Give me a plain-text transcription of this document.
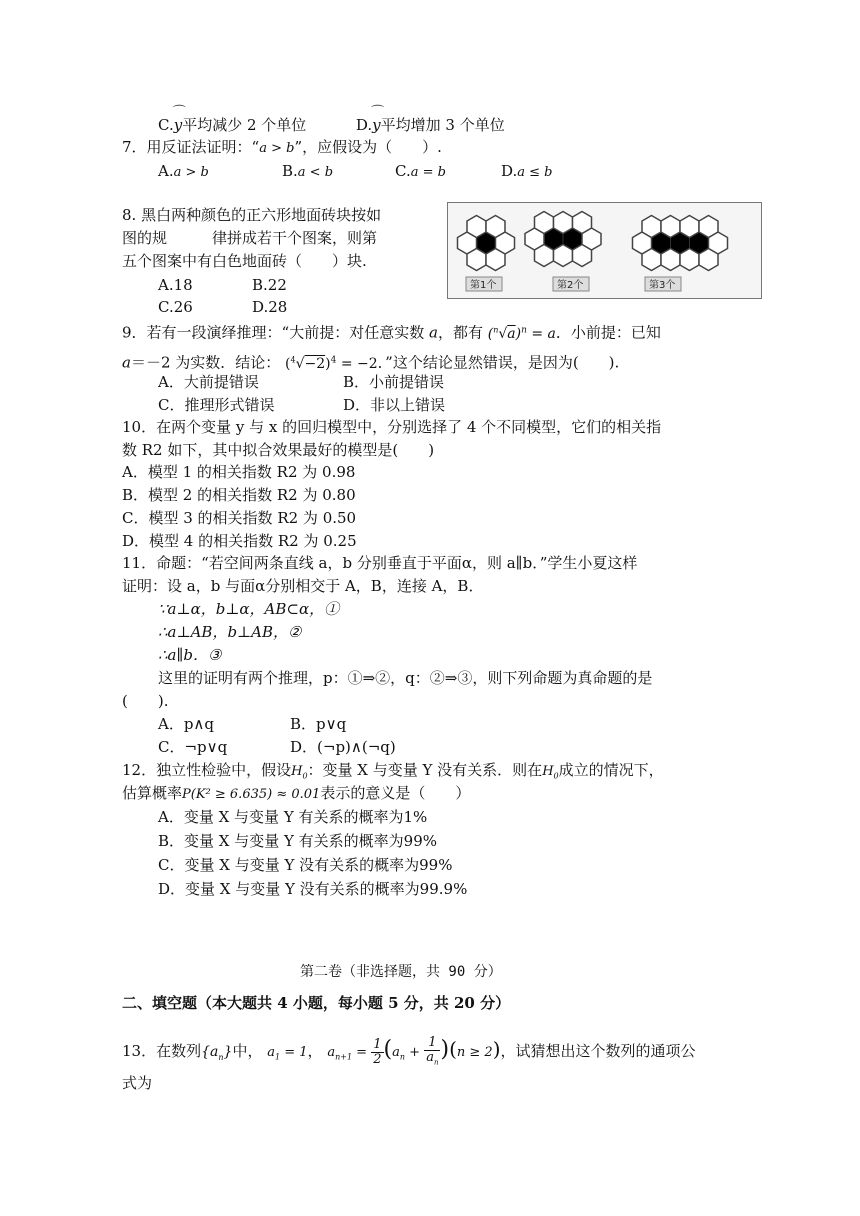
C.⌒ y平均减少 2 个单位	D.⌒ y平均增加 3 个单位
7．用反证法证明：“a > b”，应假设为（　　）.
A.a > b	B.a < b	C.a = b	D.a ≤ b
8. 黑白两种颜色的正六形地面砖块按如
图的规　　　律拼成若干个图案，则第
五个图案中有白色地面砖（　　）块.
A.18	B.22
C.26	D.28
第1个	第2个	第3个
9．若有一段演绎推理：“大前提：对任意实数 a，都有 $(^n√a)^n = a$．小前提：已知
a＝－2 为实数．结论： $(^4√-2)^4 = -2$．”这个结论显然错误，是因为(　　).
A．大前提错误	B．小前提错误
C．推理形式错误	D．非以上错误
10．在两个变量 y 与 x 的回归模型中，分别选择了 4 个不同模型，它们的相关指
数 R2 如下，其中拟合效果最好的模型是(　　)
A．模型 1 的相关指数 R2 为 0.98
B．模型 2 的相关指数 R2 为 0.80
C．模型 3 的相关指数 R2 为 0.50
D．模型 4 的相关指数 R2 为 0.25
11．命题：“若空间两条直线 a，b 分别垂直于平面α，则 a∥b．”学生小夏这样
证明：设 a，b 与面α分别相交于 A，B，连接 A，B．
∵a⊥α，b⊥α，AB⊂α，①
∴a⊥AB，b⊥AB，②
∴a∥b．③
这里的证明有两个推理，p：①⇒②，q：②⇒③，则下列命题为真命题的是
(　　).
A．p∧q	B．p∨q
C．¬p∨q	D．(¬p)∧(¬q)
12．独立性检验中，假设$H_0$：变量 X 与变量 Y 没有关系．则在$H_0$成立的情况下，
估算概率P(K² ≥ 6.635) ≈ 0.01表示的意义是（　　）
A．变量 X 与变量 Y 有关系的概率为1%
B．变量 X 与变量 Y 有关系的概率为99%
C．变量 X 与变量 Y 没有关系的概率为99%
D．变量 X 与变量 Y 没有关系的概率为99.9%
第二卷（非选择题，共 90 分）
二、填空题（本大题共 4 小题，每小题 5 分，共 20 分）
13．在数列$\{a_n\}$中， $a_1 = 1$， $a_{n+1} = \frac{1}{2} (a_n + \frac{1}{a_n} )(n \ge 2)$，试猜想出这个数列的通项公
式为
